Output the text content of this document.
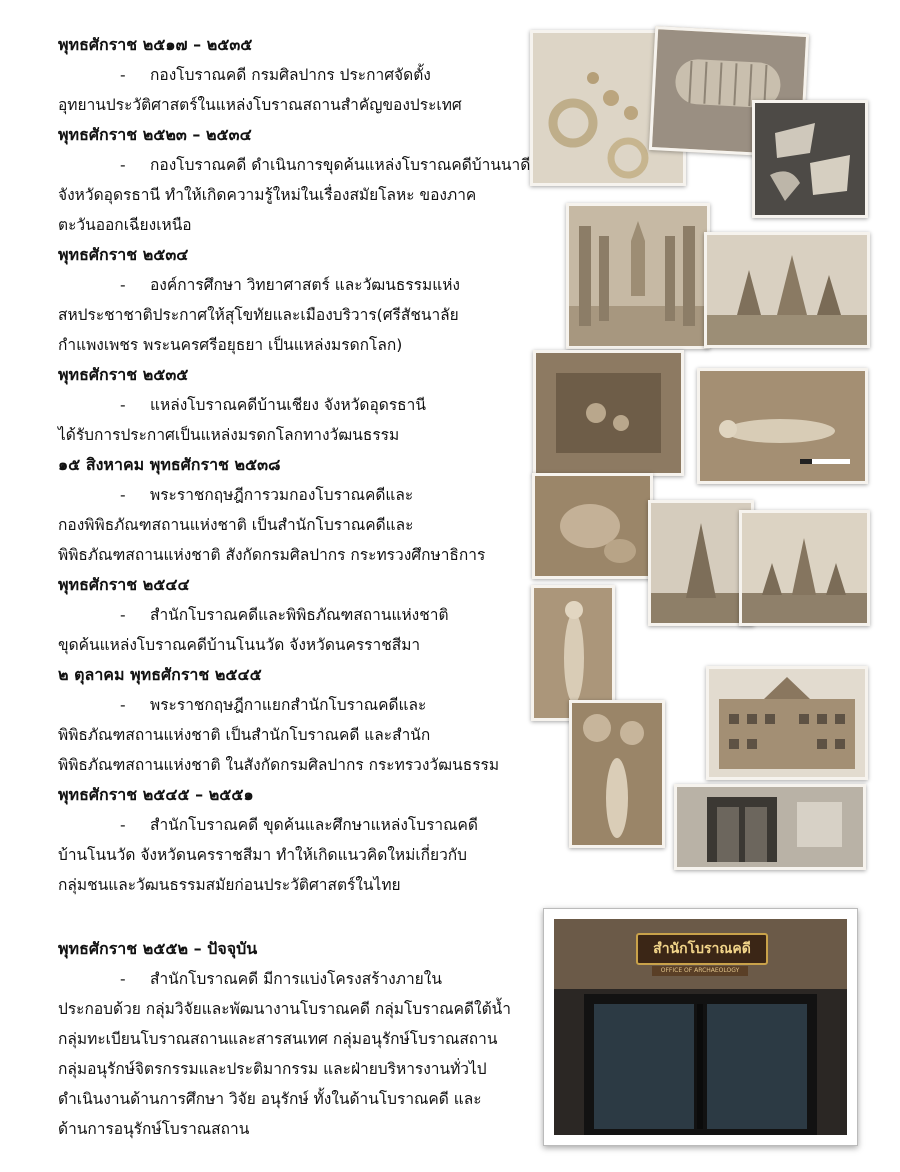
พุทธศักราช ๒๕๑๗ – ๒๕๓๕
- กองโบราณคดี กรมศิลปากร ประกาศจัดตั้ง
อุทยานประวัติศาสตร์ในแหล่งโบราณสถานสำคัญของประเทศ
พุทธศักราช ๒๕๒๓ – ๒๕๓๔
- กองโบราณคดี ดำเนินการขุดค้นแหล่งโบราณคดีบ้านนาดี
จังหวัดอุดรธานี ทำให้เกิดความรู้ใหม่ในเรื่องสมัยโลหะ ของภาค
ตะวันออกเฉียงเหนือ
พุทธศักราช ๒๕๓๔
- องค์การศึกษา วิทยาศาสตร์ และวัฒนธรรมแห่ง
สหประชาชาติประกาศให้สุโขทัยและเมืองบริวาร(ศรีสัชนาลัย
กำแพงเพชร พระนครศรีอยุธยา เป็นแหล่งมรดกโลก)
พุทธศักราช ๒๕๓๕
- แหล่งโบราณคดีบ้านเชียง จังหวัดอุดรธานี
ได้รับการประกาศเป็นแหล่งมรดกโลกทางวัฒนธรรม
๑๕ สิงหาคม พุทธศักราช ๒๕๓๘
- พระราชกฤษฎีการวมกองโบราณคดีและ
กองพิพิธภัณฑสถานแห่งชาติ เป็นสำนักโบราณคดีและ
พิพิธภัณฑสถานแห่งชาติ สังกัดกรมศิลปากร กระทรวงศึกษาธิการ
พุทธศักราช ๒๕๔๔
- สำนักโบราณคดีและพิพิธภัณฑสถานแห่งชาติ
ขุดค้นแหล่งโบราณคดีบ้านโนนวัด จังหวัดนครราชสีมา
๒ ตุลาคม พุทธศักราช ๒๕๔๕
- พระราชกฤษฎีกาแยกสำนักโบราณคดีและ
พิพิธภัณฑสถานแห่งชาติ เป็นสำนักโบราณคดี และสำนัก
พิพิธภัณฑสถานแห่งชาติ ในสังกัดกรมศิลปากร กระทรวงวัฒนธรรม
พุทธศักราช ๒๕๔๕ – ๒๕๕๑
- สำนักโบราณคดี ขุดค้นและศึกษาแหล่งโบราณคดี
บ้านโนนวัด จังหวัดนครราชสีมา ทำให้เกิดแนวคิดใหม่เกี่ยวกับ
กลุ่มชนและวัฒนธรรมสมัยก่อนประวัติศาสตร์ในไทย
พุทธศักราช ๒๕๕๒ – ปัจจุบัน
- สำนักโบราณคดี มีการแบ่งโครงสร้างภายใน
ประกอบด้วย กลุ่มวิจัยและพัฒนางานโบราณคดี กลุ่มโบราณคดีใต้น้ำ
กลุ่มทะเบียนโบราณสถานและสารสนเทศ กลุ่มอนุรักษ์โบราณสถาน
กลุ่มอนุรักษ์จิตรกรรมและประติมากรรม และฝ่ายบริหารงานทั่วไป
ดำเนินงานด้านการศึกษา วิจัย อนุรักษ์ ทั้งในด้านโบราณคดี และ
ด้านการอนุรักษ์โบราณสถาน
สำนักโบราณคดี
OFFICE OF ARCHAEOLOGY
